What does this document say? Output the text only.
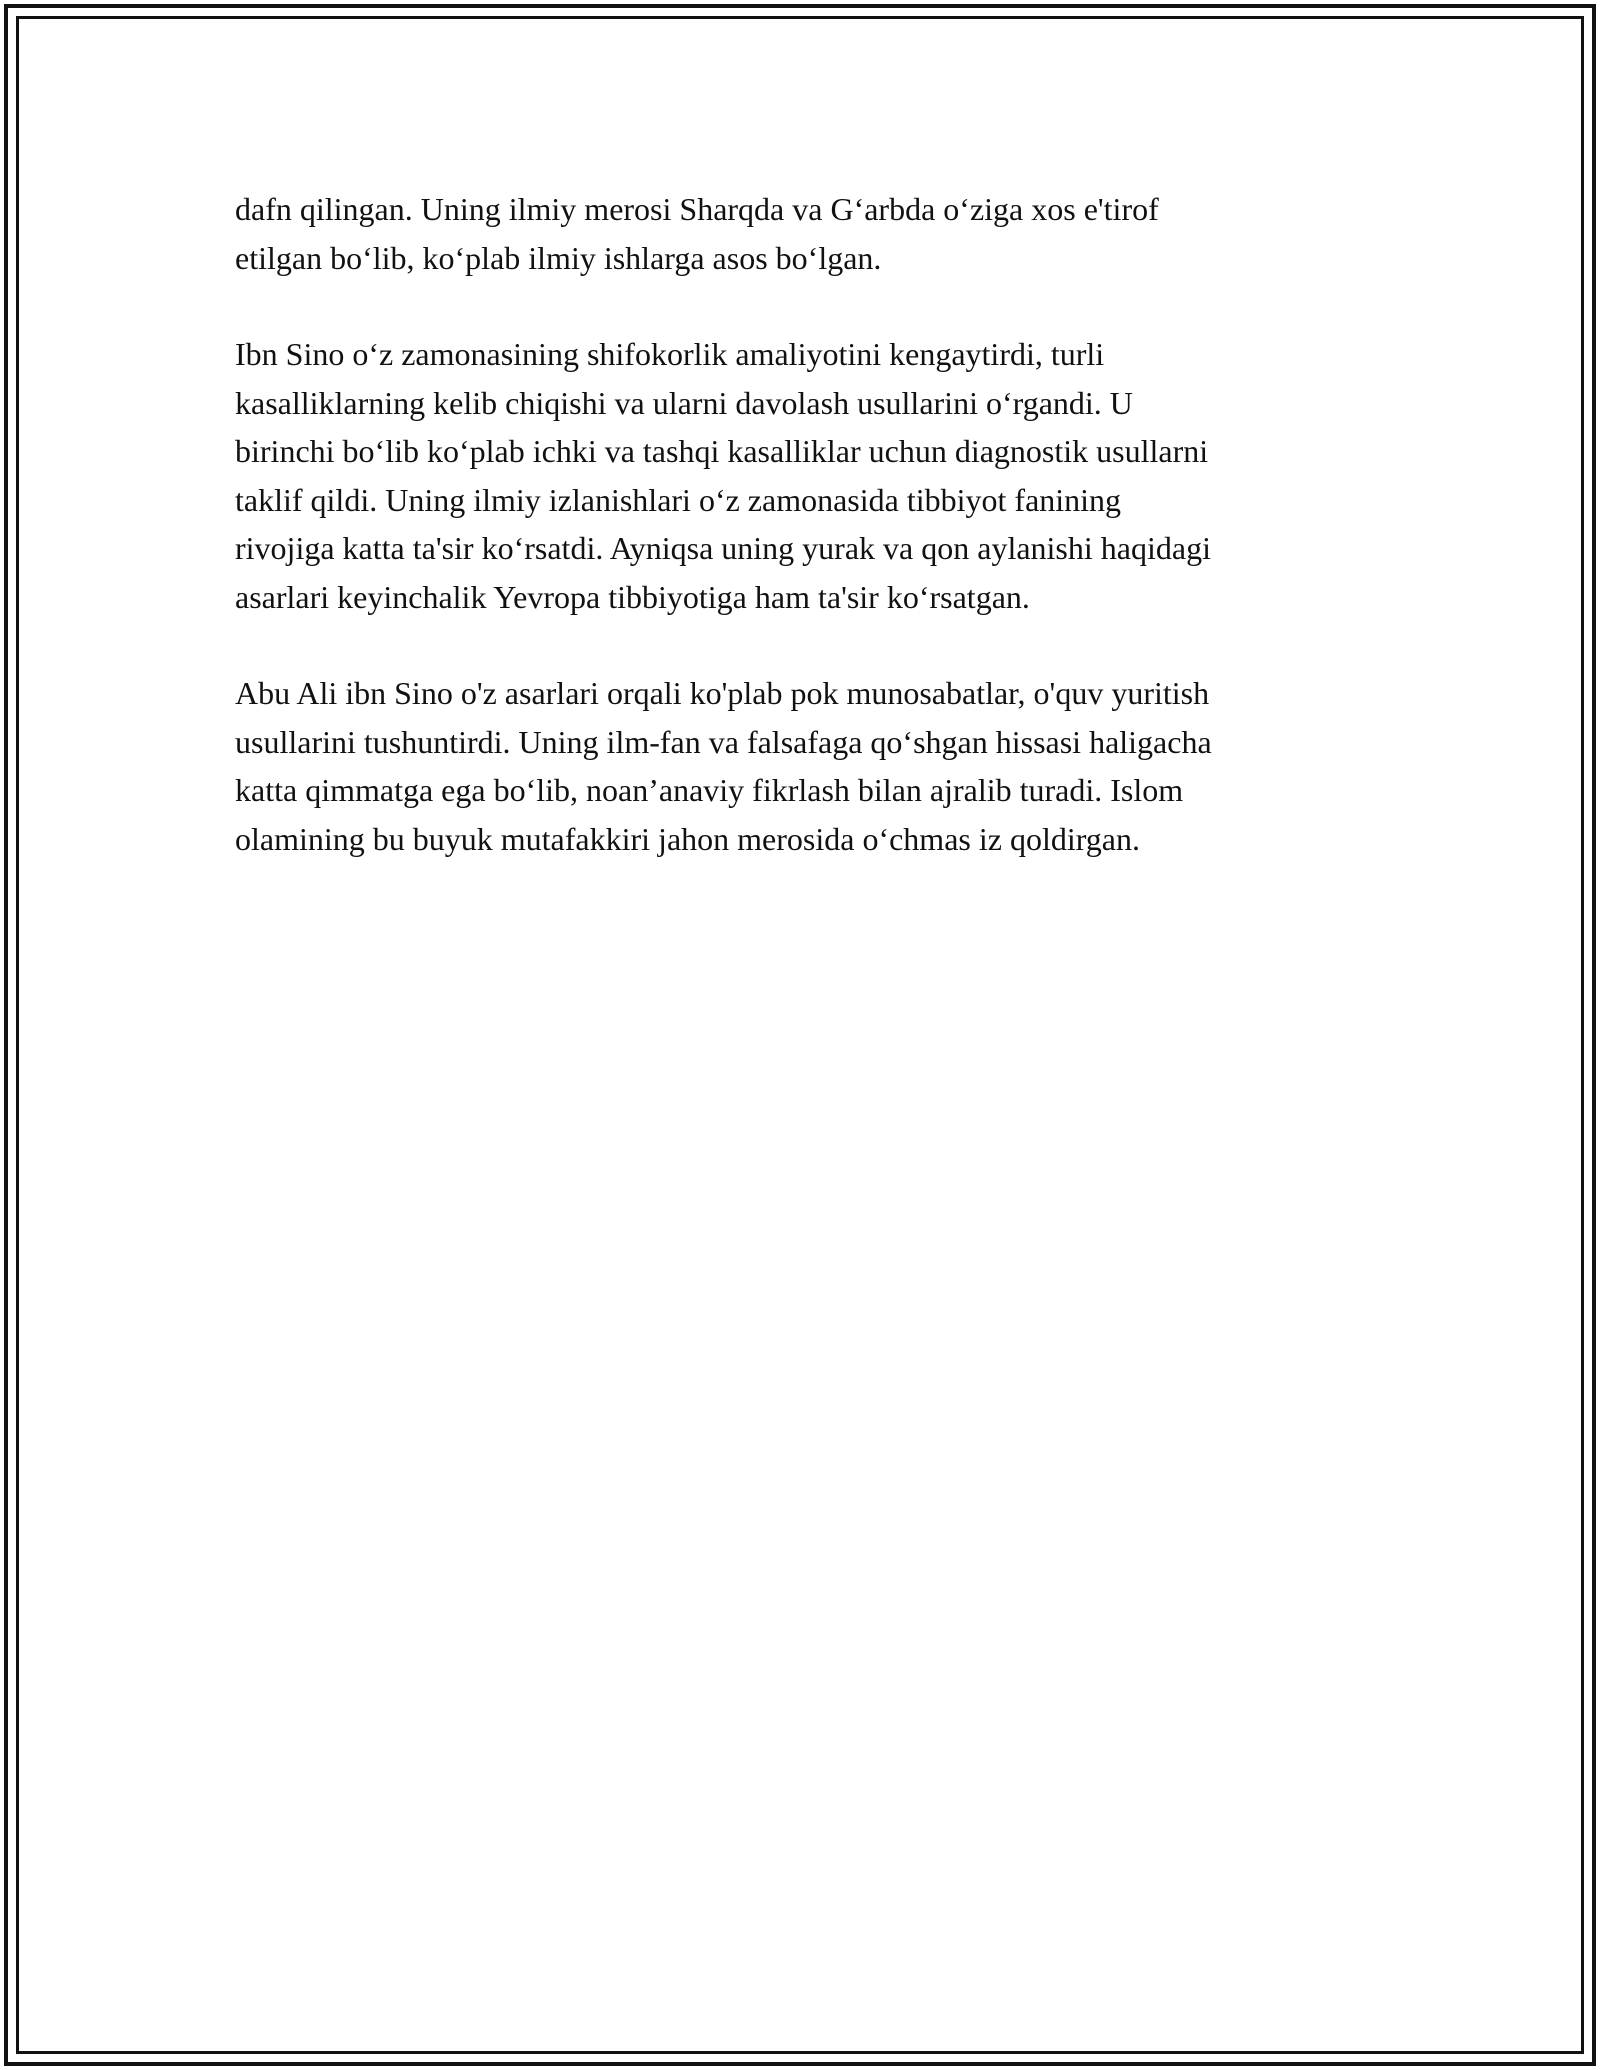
dafn qilingan. Uning ilmiy merosi Sharqda va G‘arbda o‘ziga xos e'tirof
etilgan bo‘lib, ko‘plab ilmiy ishlarga asos bo‘lgan.

Ibn Sino o‘z zamonasining shifokorlik amaliyotini kengaytirdi, turli
kasalliklarning kelib chiqishi va ularni davolash usullarini o‘rgandi. U
birinchi bo‘lib ko‘plab ichki va tashqi kasalliklar uchun diagnostik usullarni
taklif qildi. Uning ilmiy izlanishlari o‘z zamonasida tibbiyot fanining
rivojiga katta ta'sir ko‘rsatdi. Ayniqsa uning yurak va qon aylanishi haqidagi
asarlari keyinchalik Yevropa tibbiyotiga ham ta'sir ko‘rsatgan.

Abu Ali ibn Sino o'z asarlari orqali ko'plab pok munosabatlar, o'quv yuritish
usullarini tushuntirdi. Uning ilm-fan va falsafaga qo‘shgan hissasi haligacha
katta qimmatga ega bo‘lib, noan’anaviy fikrlash bilan ajralib turadi. Islom
olamining bu buyuk mutafakkiri jahon merosida o‘chmas iz qoldirgan.
